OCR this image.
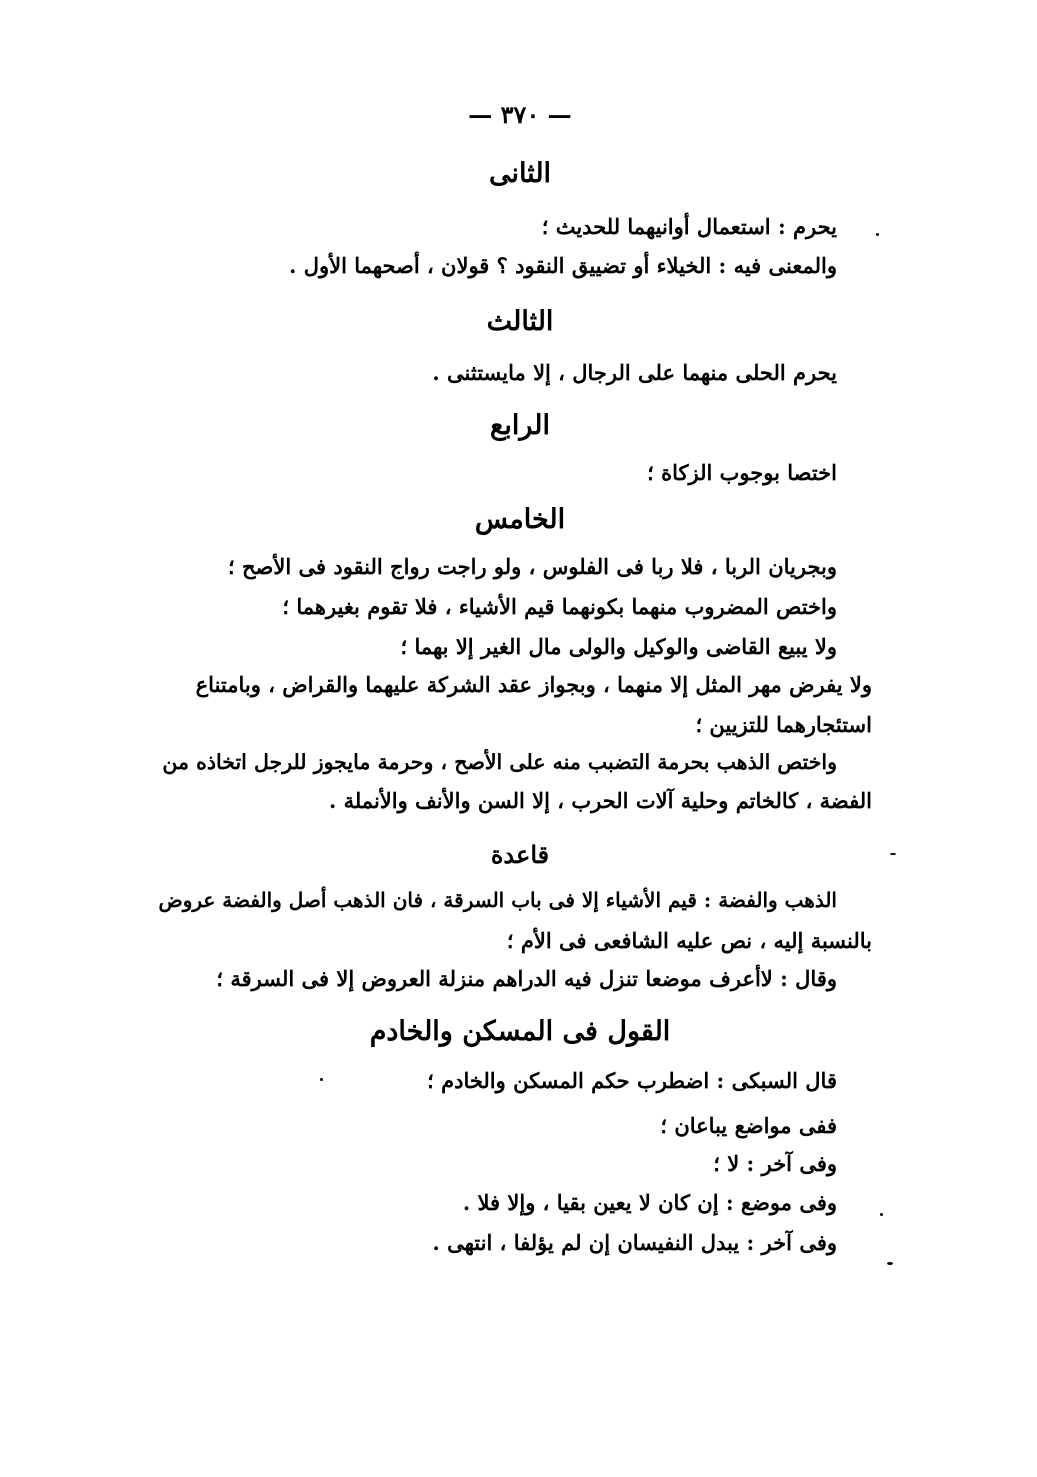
— ٣٧٠ —
الثانى
يحرم : استعمال أوانيهما للحديث ؛
والمعنى فيه : الخيلاء أو تضييق النقود ؟ قولان ، أصحهما الأول .
الثالث
يحرم الحلى منهما على الرجال ، إلا مايستثنى .
الرابع
اختصا بوجوب الزكاة ؛
الخامس
وبجريان الربا ، فلا ربا فى الفلوس ، ولو راجت رواج النقود فى الأصح ؛
واختص المضروب منهما بكونهما قيم الأشياء ، فلا تقوم بغيرهما ؛
ولا يبيع القاضى والوكيل والولى مال الغير إلا بهما ؛
ولا يفرض مهر المثل إلا منهما ، وبجواز عقد الشركة عليهما والقراض ، وبامتناع
استئجارهما للتزيين ؛
واختص الذهب بحرمة التضبب منه على الأصح ، وحرمة مايجوز للرجل اتخاذه من
الفضة ، كالخاتم وحلية آلات الحرب ، إلا السن والأنف والأنملة .
قاعدة
الذهب والفضة : قيم الأشياء إلا فى باب السرقة ، فان الذهب أصل والفضة عروض
بالنسبة إليه ، نص عليه الشافعى فى الأم ؛
وقال : لاأعرف موضعا تنزل فيه الدراهم منزلة العروض إلا فى السرقة ؛
القول فى المسكن والخادم
قال السبكى : اضطرب حكم المسكن والخادم ؛
ففى مواضع يباعان ؛
وفى آخر : لا ؛
وفى موضع : إن كان لا يعين بقيا ، وإلا فلا .
وفى آخر : يبدل النفيسان إن لم يؤلفا ، انتهى .
